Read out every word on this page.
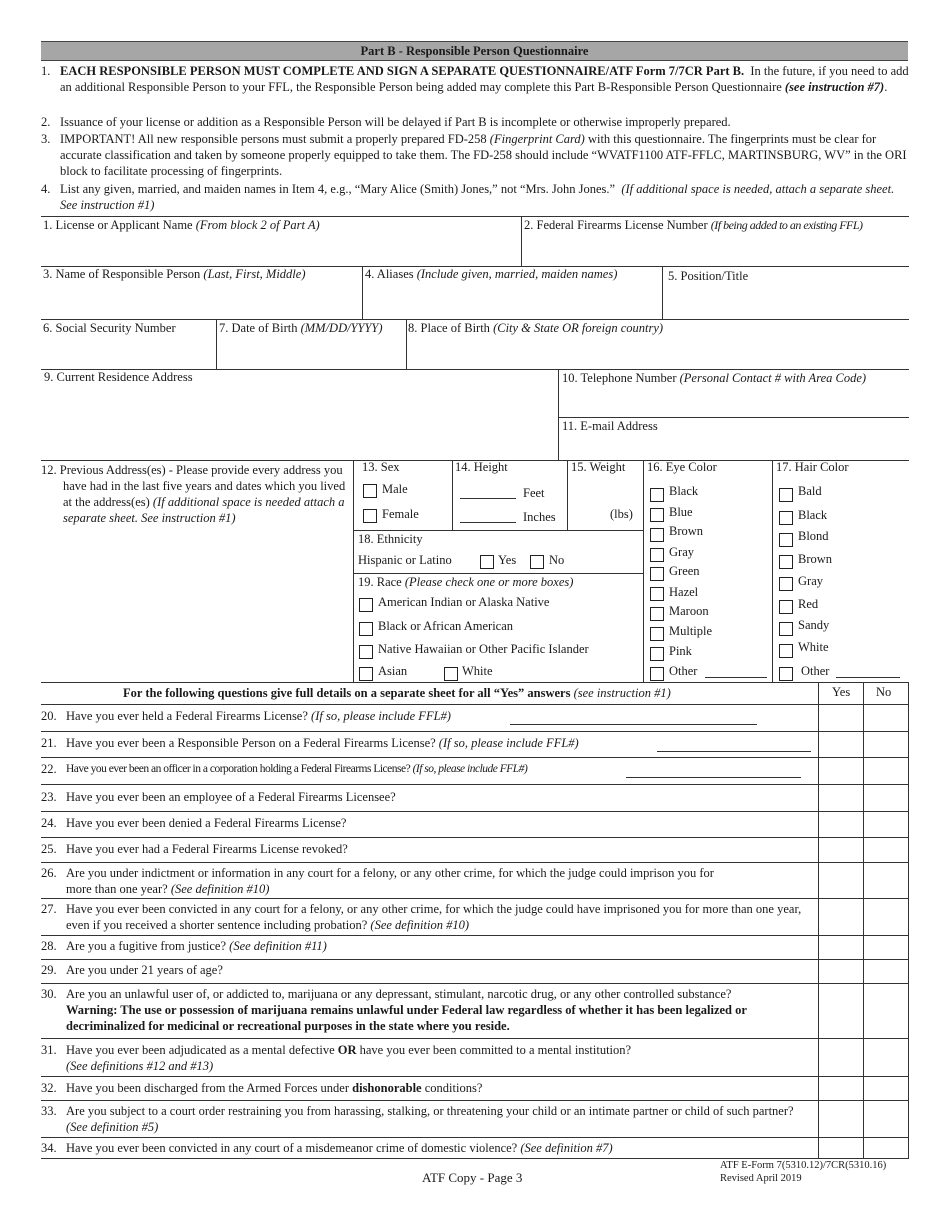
Part B - Responsible Person Questionnaire
1. EACH RESPONSIBLE PERSON MUST COMPLETE AND SIGN A SEPARATE QUESTIONNAIRE/ATF Form 7/7CR Part B. In the future, if you need to add an additional Responsible Person to your FFL, the Responsible Person being added may complete this Part B-Responsible Person Questionnaire (see instruction #7).
2. Issuance of your license or addition as a Responsible Person will be delayed if Part B is incomplete or otherwise improperly prepared.
3. IMPORTANT! All new responsible persons must submit a properly prepared FD-258 (Fingerprint Card) with this questionnaire. The fingerprints must be clear for accurate classification and taken by someone properly equipped to take them. The FD-258 should include “WVATF1100 ATF-FFLC, MARTINSBURG, WV” in the ORI block to facilitate processing of fingerprints.
4. List any given, married, and maiden names in Item 4, e.g., “Mary Alice (Smith) Jones,” not “Mrs. John Jones.” (If additional space is needed, attach a separate sheet. See instruction #1)
1. License or Applicant Name (From block 2 of Part A)	2. Federal Firearms License Number (If being added to an existing FFL)
3. Name of Responsible Person (Last, First, Middle)	4. Aliases (Include given, married, maiden names)	5. Position/Title
6. Social Security Number	7. Date of Birth (MM/DD/YYYY) 8. Place of Birth (City & State OR foreign country)
9. Current Residence Address	10. Telephone Number (Personal Contact # with Area Code)
11. E-mail Address
12. Previous Address(es) - Please provide every address you have had in the last five years and dates which you lived at the address(es) (If additional space is needed attach a separate sheet. See instruction #1)
13. Sex
Male
Female
14. Height
Feet
Inches
15. Weight
(lbs)
18. Ethnicity
Hispanic or Latino	Yes	No
19. Race (Please check one or more boxes)
American Indian or Alaska Native
Black or African American
Native Hawaiian or Other Pacific Islander
Asian	White
16. Eye Color
Black
Blue
Brown
Gray
Green
Hazel
Maroon
Multiple
Pink
Other
17. Hair Color
Bald
Black
Blond
Brown
Gray
Red
Sandy
White
Other
For the following questions give full details on a separate sheet for all “Yes” answers (see instruction #1)	Yes No
20. Have you ever held a Federal Firearms License? (If so, please include FFL#)
21. Have you ever been a Responsible Person on a Federal Firearms License? (If so, please include FFL#)
22. Have you ever been an officer in a corporation holding a Federal Firearms License? (If so, please include FFL#)
23. Have you ever been an employee of a Federal Firearms Licensee?
24. Have you ever been denied a Federal Firearms License?
25. Have you ever had a Federal Firearms License revoked?
26. Are you under indictment or information in any court for a felony, or any other crime, for which the judge could imprison you for more than one year? (See definition #10)
27. Have you ever been convicted in any court for a felony, or any other crime, for which the judge could have imprisoned you for more than one year, even if you received a shorter sentence including probation? (See definition #10)
28. Are you a fugitive from justice? (See definition #11)
29. Are you under 21 years of age?
30. Are you an unlawful user of, or addicted to, marijuana or any depressant, stimulant, narcotic drug, or any other controlled substance?
Warning: The use or possession of marijuana remains unlawful under Federal law regardless of whether it has been legalized or decriminalized for medicinal or recreational purposes in the state where you reside.
31. Have you ever been adjudicated as a mental defective OR have you ever been committed to a mental institution?
(See definitions #12 and #13)
32. Have you been discharged from the Armed Forces under dishonorable conditions?
33. Are you subject to a court order restraining you from harassing, stalking, or threatening your child or an intimate partner or child of such partner? (See definition #5)
34. Have you ever been convicted in any court of a misdemeanor crime of domestic violence? (See definition #7)
ATF Copy - Page 3
ATF E-Form 7(5310.12)/7CR(5310.16)
Revised April 2019
